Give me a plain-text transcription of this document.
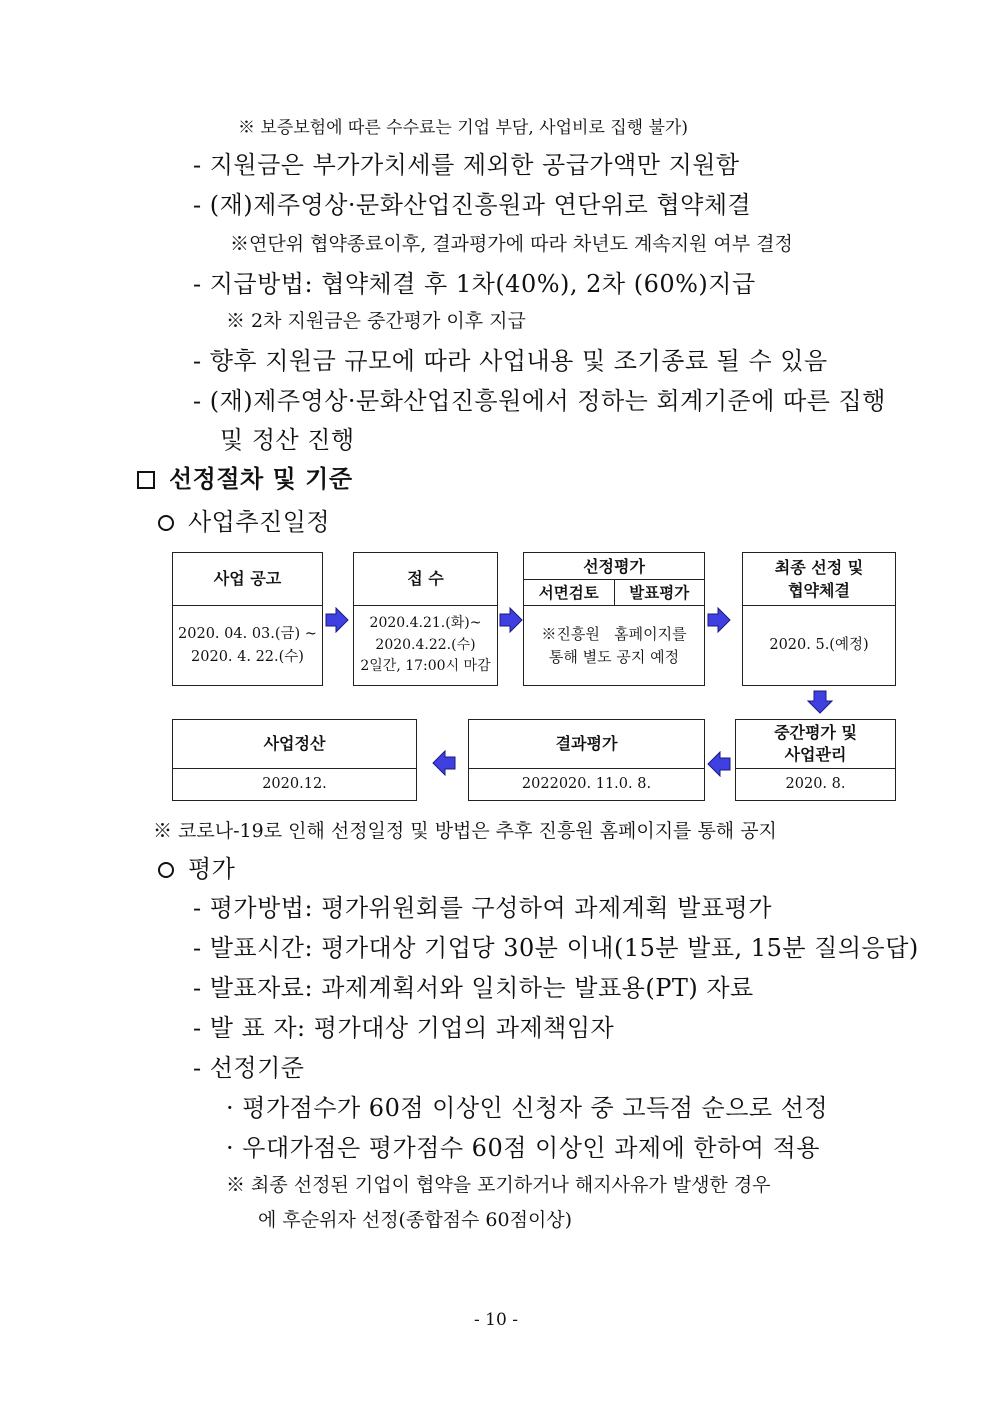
※ 보증보험에 따른 수수료는 기업 부담, 사업비로 집행 불가)
- 지원금은 부가가치세를 제외한 공급가액만 지원함
- (재)제주영상·문화산업진흥원과 연단위로 협약체결
※연단위 협약종료이후, 결과평가에 따라 차년도 계속지원 여부 결정
- 지급방법: 협약체결 후 1차(40%), 2차 (60%)지급
※ 2차 지원금은 중간평가 이후 지급
- 향후 지원금 규모에 따라 사업내용 및 조기종료 될 수 있음
- (재)제주영상·문화산업진흥원에서 정하는 회계기준에 따른 집행
및 정산 진행
선정절차 및 기준
사업추진일정
사업 공고
2020. 04. 03.(금) ~
2020. 4. 22.(수)
접 수
2020.4.21.(화)~
2020.4.22.(수)
2일간, 17:00시 마감
선정평가
서면검토	발표평가
※진흥원   홈페이지를
통해 별도 공지 예정
최종 선정 및
협약체결
2020. 5.(예정)
사업정산
2020.12.
결과평가
2022020. 11.0. 8.
중간평가 및
사업관리
2020. 8.
※ 코로나-19로 인해 선정일정 및 방법은 추후 진흥원 홈페이지를 통해 공지
평가
- 평가방법: 평가위원회를 구성하여 과제계획 발표평가
- 발표시간: 평가대상 기업당 30분 이내(15분 발표, 15분 질의응답)
- 발표자료: 과제계획서와 일치하는 발표용(PT) 자료
- 발 표 자: 평가대상 기업의 과제책임자
- 선정기준
· 평가점수가 60점 이상인 신청자 중 고득점 순으로 선정
· 우대가점은 평가점수 60점 이상인 과제에 한하여 적용
※ 최종 선정된 기업이 협약을 포기하거나 해지사유가 발생한 경우
에 후순위자 선정(종합점수 60점이상)
- 10 -
